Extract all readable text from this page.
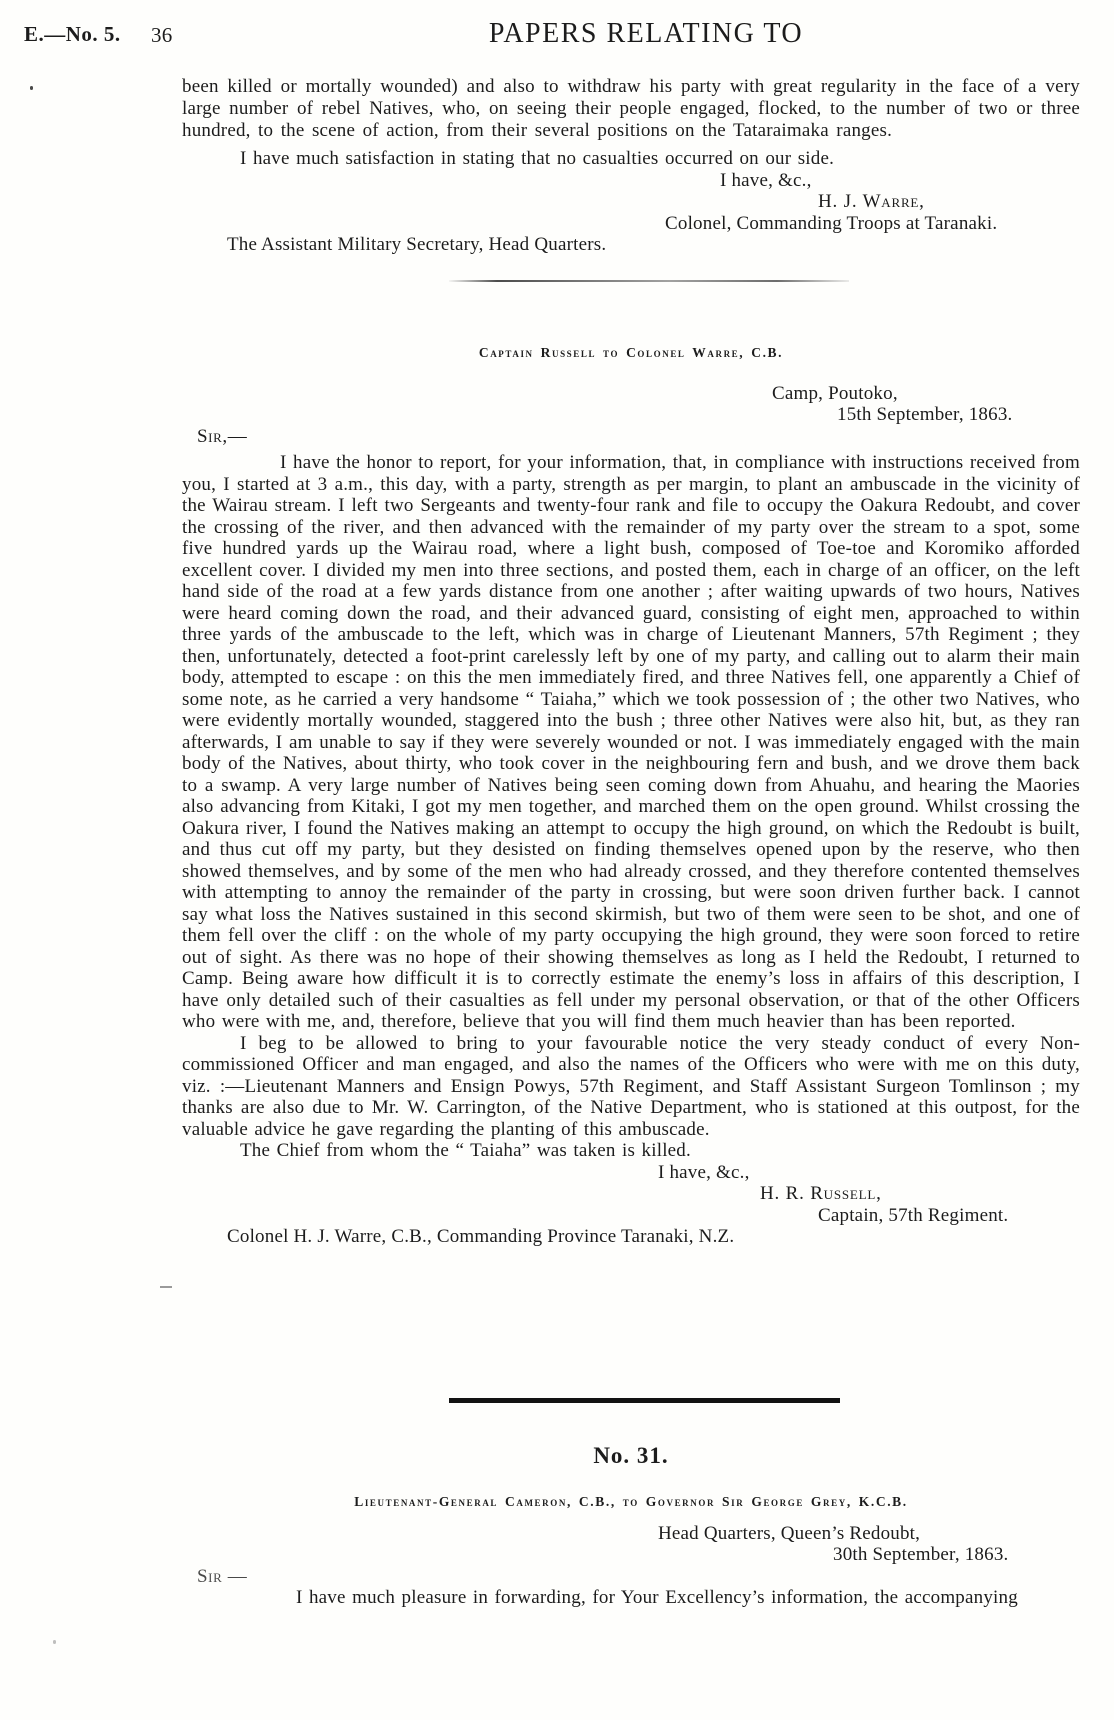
E.—No. 5. 36	PAPERS RELATING TO

been killed or mortally wounded) and also to withdraw his party with great regularity in the face of a very large number of rebel Natives, who, on seeing their people engaged, flocked, to the number of two or three hundred, to the scene of action, from their several positions on the Tataraimaka ranges.

I have much satisfaction in stating that no casualties occurred on our side.

I have, &c.,

H. J. Warre,

Colonel, Commanding Troops at Taranaki.

The Assistant Military Secretary, Head Quarters.

Captain Russell to Colonel Warre, C.B.

Camp, Poutoko,

15th September, 1863.

Sir,—

I have the honor to report, for your information, that, in compliance with instructions received from you, I started at 3 a.m., this day, with a party, strength as per margin, to plant an ambuscade in the vicinity of the Wairau stream. I left two Sergeants and twenty-four rank and file to occupy the Oakura Redoubt, and cover the crossing of the river, and then advanced with the remainder of my party over the stream to a spot, some five hundred yards up the Wairau road, where a light bush, composed of Toe-toe and Koromiko afforded excellent cover. I divided my men into three sections, and posted them, each in charge of an officer, on the left hand side of the road at a few yards distance from one another ; after waiting upwards of two hours, Natives were heard coming down the road, and their advanced guard, consisting of eight men, approached to within three yards of the ambuscade to the left, which was in charge of Lieutenant Manners, 57th Regiment ; they then, unfortunately, detected a foot-print carelessly left by one of my party, and calling out to alarm their main body, attempted to escape : on this the men immediately fired, and three Natives fell, one apparently a Chief of some note, as he carried a very handsome “ Taiaha,” which we took possession of ; the other two Natives, who were evidently mortally wounded, staggered into the bush ; three other Natives were also hit, but, as they ran afterwards, I am unable to say if they were severely wounded or not. I was immediately engaged with the main body of the Natives, about thirty, who took cover in the neighbouring fern and bush, and we drove them back to a swamp. A very large number of Natives being seen coming down from Ahuahu, and hearing the Maories also advancing from Kitaki, I got my men together, and marched them on the open ground. Whilst crossing the Oakura river, I found the Natives making an attempt to occupy the high ground, on which the Redoubt is built, and thus cut off my party, but they desisted on finding themselves opened upon by the reserve, who then showed themselves, and by some of the men who had already crossed, and they therefore contented themselves with attempting to annoy the remainder of the party in crossing, but were soon driven further back. I cannot say what loss the Natives sustained in this second skirmish, but two of them were seen to be shot, and one of them fell over the cliff : on the whole of my party occupying the high ground, they were soon forced to retire out of sight. As there was no hope of their showing themselves as long as I held the Redoubt, I returned to Camp. Being aware how difficult it is to correctly estimate the enemy’s loss in affairs of this description, I have only detailed such of their casualties as fell under my personal observation, or that of the other Officers who were with me, and, therefore, believe that you will find them much heavier than has been reported.

I beg to be allowed to bring to your favourable notice the very steady conduct of every Non-commissioned Officer and man engaged, and also the names of the Officers who were with me on this duty, viz. :—Lieutenant Manners and Ensign Powys, 57th Regiment, and Staff Assistant Surgeon Tomlinson ; my thanks are also due to Mr. W. Carrington, of the Native Department, who is stationed at this outpost, for the valuable advice he gave regarding the planting of this ambuscade.

The Chief from whom the “ Taiaha” was taken is killed.

I have, &c.,

H. R. Russell,

Captain, 57th Regiment.

Colonel H. J. Warre, C.B., Commanding Province Taranaki, N.Z.

No. 31.
Lieutenant-General Cameron, C.B., to Governor Sir George Grey, K.C.B.

Head Quarters, Queen’s Redoubt,

30th September, 1863.

Sir —

I have much pleasure in forwarding, for Your Excellency’s information, the accompanying
